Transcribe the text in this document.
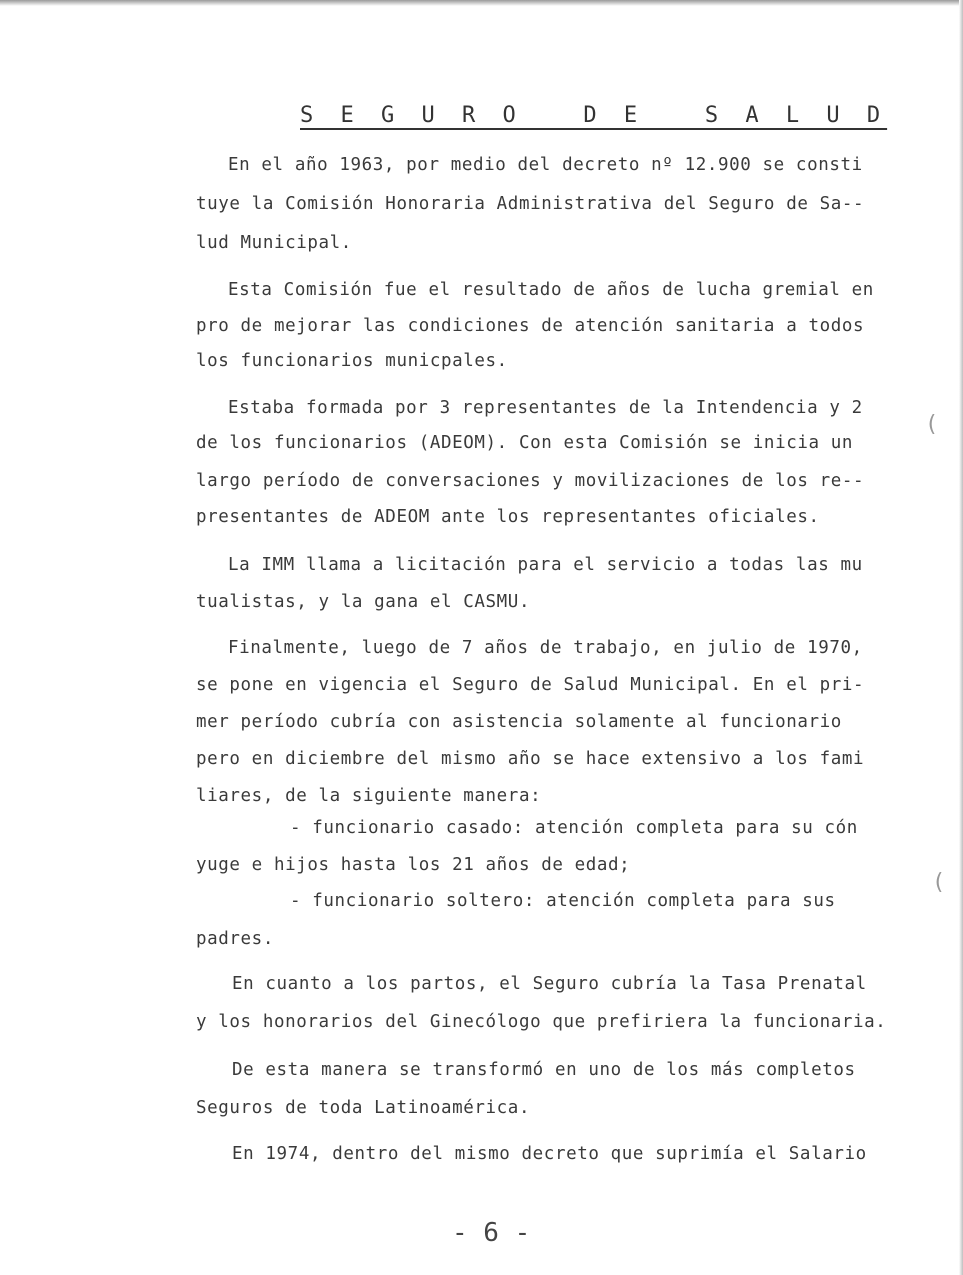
S E G U R O   D E   S A L U D
En el año 1963, por medio del decreto nº 12.900 se consti
tuye la Comisión Honoraria Administrativa del Seguro de Sa--
lud Municipal.
Esta Comisión fue el resultado de años de lucha gremial en
pro de mejorar las condiciones de atención sanitaria a todos
los funcionarios municpales.
Estaba formada por 3 representantes de la Intendencia y 2
de los funcionarios (ADEOM). Con esta Comisión se inicia un
largo período de conversaciones y movilizaciones de los re--
presentantes de ADEOM ante los representantes oficiales.
La IMM llama a licitación para el servicio a todas las mu
tualistas, y la gana el CASMU.
Finalmente, luego de 7 años de trabajo, en julio de 1970,
se pone en vigencia el Seguro de Salud Municipal. En el pri-
mer período cubría con asistencia solamente al funcionario
pero en diciembre del mismo año se hace extensivo a los fami
liares, de la siguiente manera:
- funcionario casado: atención completa para su cón
yuge e hijos hasta los 21 años de edad;
- funcionario soltero: atención completa para sus
padres.
En cuanto a los partos, el Seguro cubría la Tasa Prenatal
y los honorarios del Ginecólogo que prefiriera la funcionaria.
De esta manera se transformó en uno de los más completos
Seguros de toda Latinoamérica.
En 1974, dentro del mismo decreto que suprimía el Salario
- 6 -
(
(
